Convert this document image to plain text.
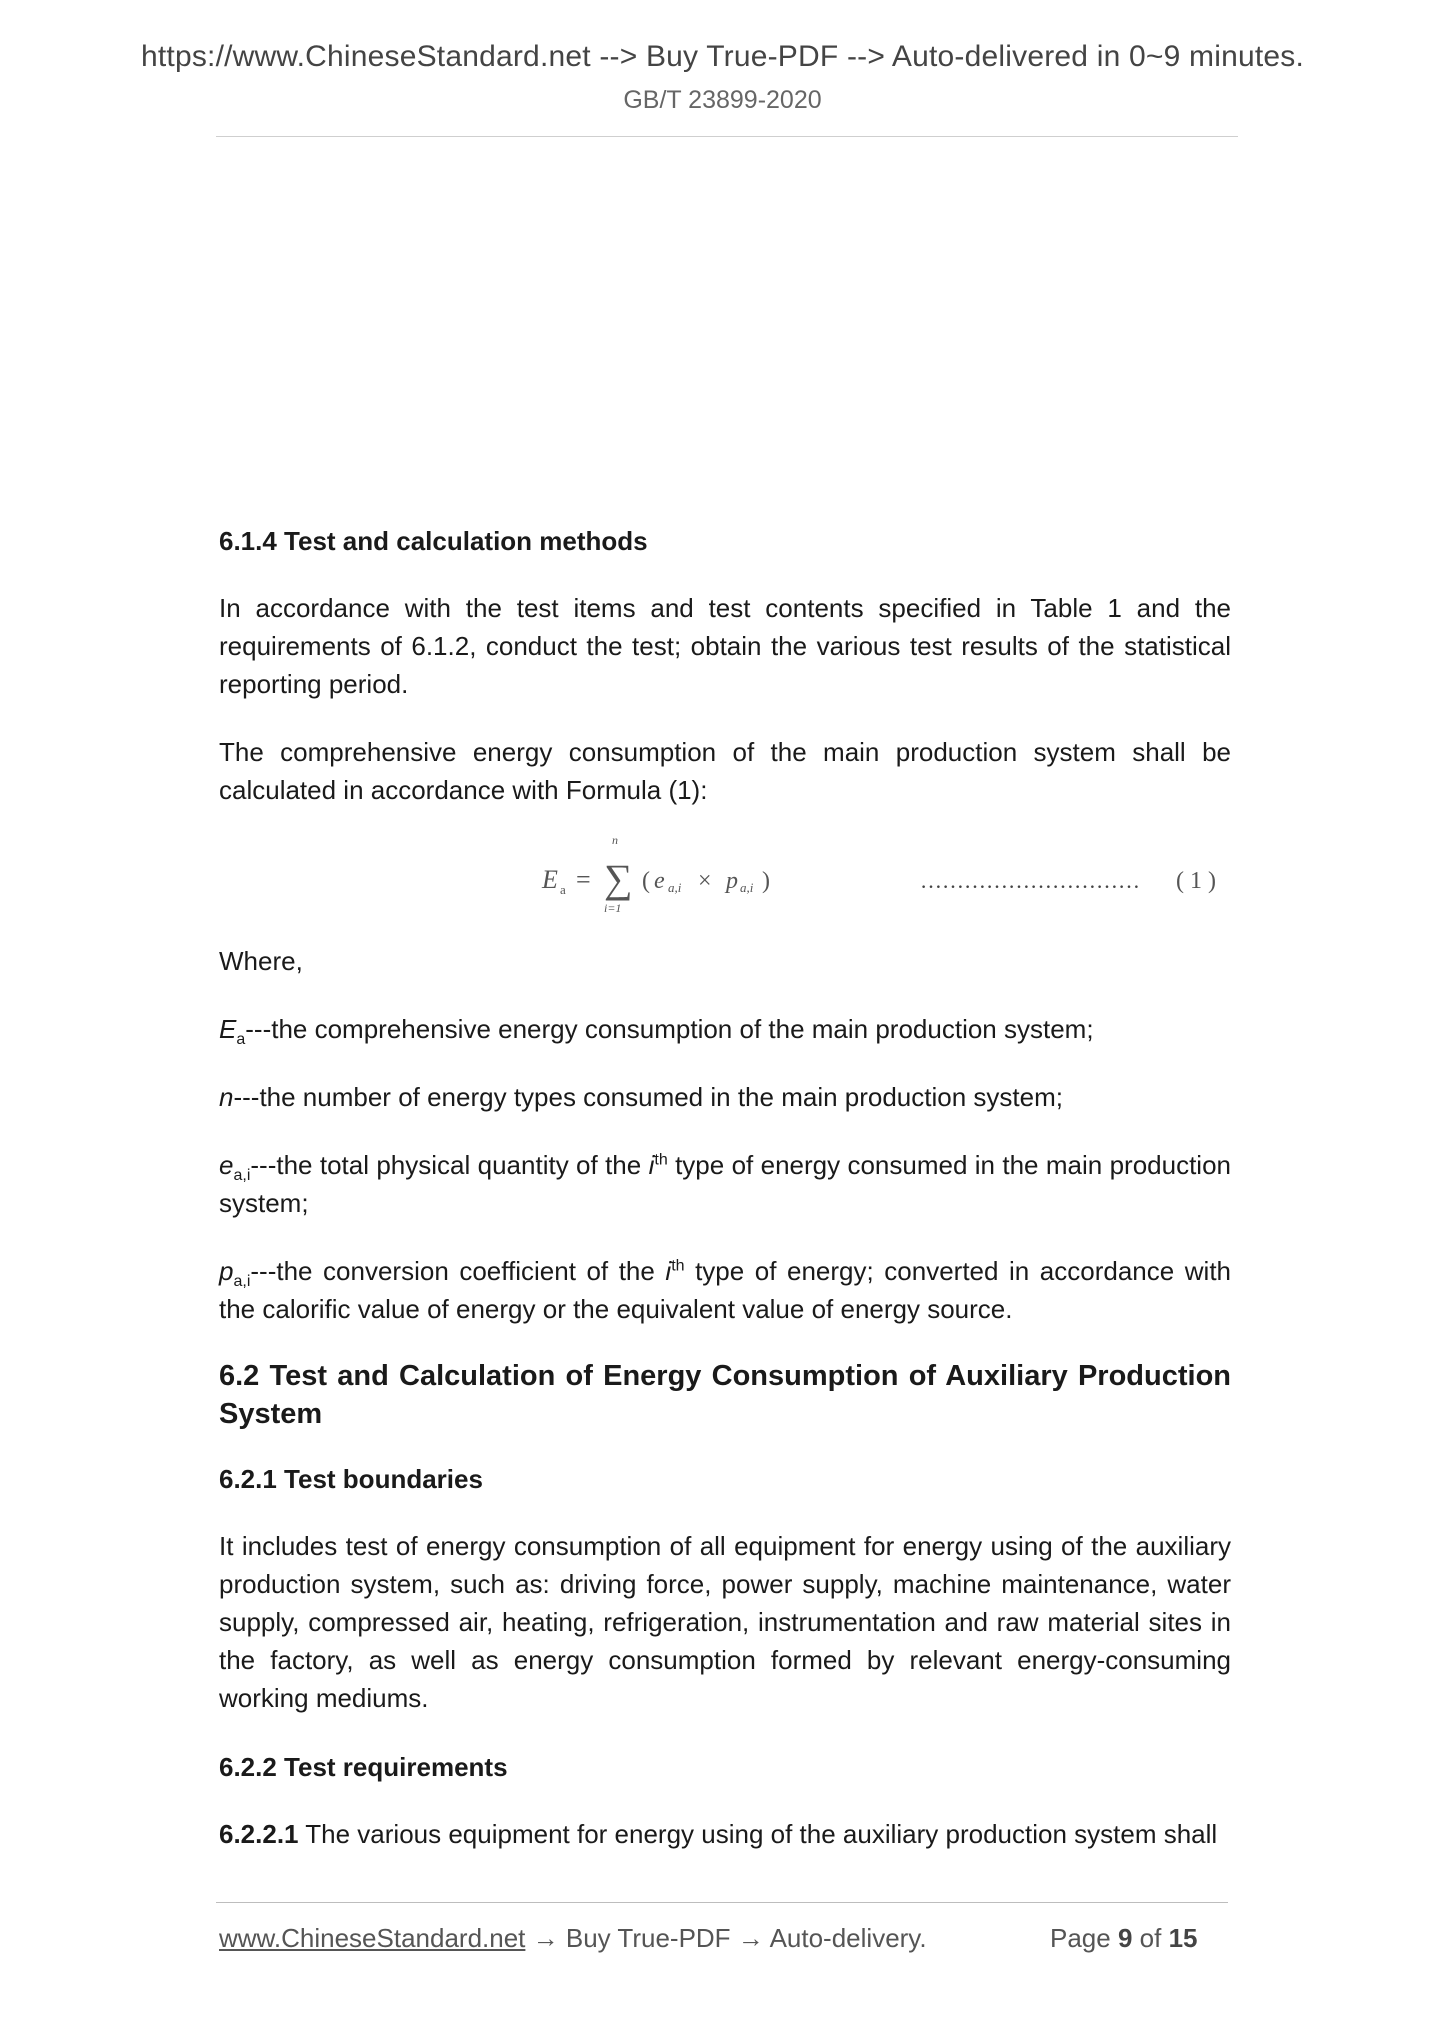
https://www.ChineseStandard.net --> Buy True-PDF --> Auto-delivered in 0~9 minutes.
GB/T 23899-2020
6.1.4 Test and calculation methods
In accordance with the test items and test contents specified in Table 1 and the requirements of 6.1.2, conduct the test; obtain the various test results of the statistical reporting period.
The comprehensive energy consumption of the main production system shall be calculated in accordance with Formula (1):
E a =
n
∑
i=1
( e a,i × p a,i )	………………………… ( 1 )
Where,
$E_a--$-the comprehensive energy consumption of the main production system;
n---the number of energy types consumed in the main production system;
$e_{a,i}--$-the total physical quantity of the $i^{th}$ type of energy consumed in the main production system;
$p_{a,i}--$-the conversion coefficient of the $i^{th}$ type of energy; converted in accordance with the calorific value of energy or the equivalent value of energy source.
6.2 Test and Calculation of Energy Consumption of Auxiliary Production System
6.2.1 Test boundaries
It includes test of energy consumption of all equipment for energy using of the auxiliary production system, such as: driving force, power supply, machine maintenance, water supply, compressed air, heating, refrigeration, instrumentation and raw material sites in the factory, as well as energy consumption formed by relevant energy-consuming working mediums.
6.2.2 Test requirements
6.2.2.1 The various equipment for energy using of the auxiliary production system shall
www.ChineseStandard.net → Buy True-PDF → Auto-delivery.	Page 9 of 15
